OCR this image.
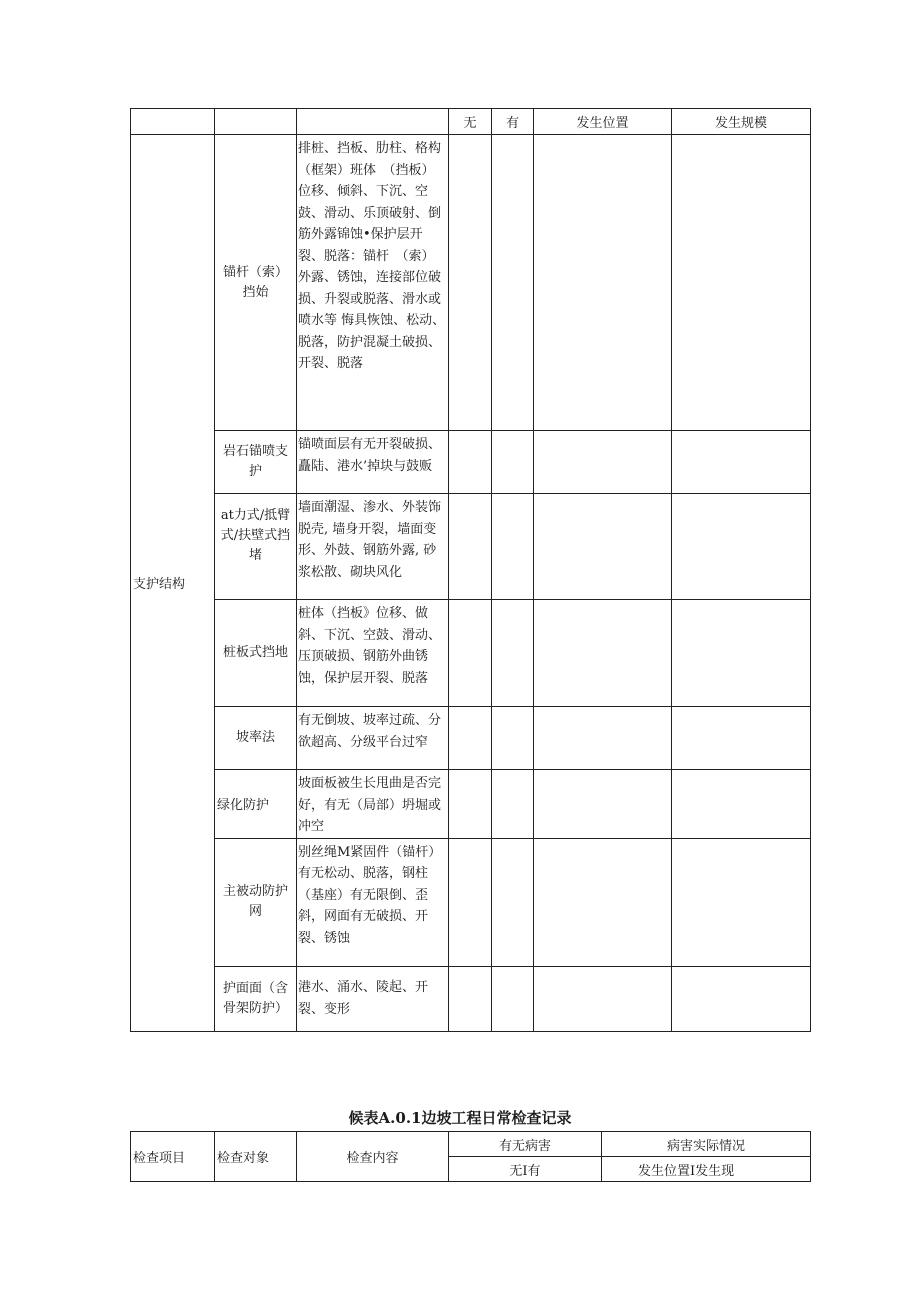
			无	有	发生位置	发生规模
支护结构	锚杆（索）挡始	排桩、挡板、肋柱、格构（框架）班体　（挡板）位移、倾斜、下沉、空鼓、滑动、乐顶破射、倒筋外露锦蚀•保护层开裂、脱落：锚杆　（索）外露、锈蚀，连接部位破损、升裂或脱落、滑水或喷水等 悔具恢蚀、松动、脱落，防护混凝土破损、开裂、脱落				
	岩石锚喷支护	锚喷面层有无开裂破损、矗陆、港水’掉块与鼓贩				
	at力式/抵臂式/扶壁式挡堵	墙面潮湿、渗水、外装饰脱壳, 墙身开裂，墙面变形、外鼓、钢筋外露, 砂浆松散、砌块风化				
	桩板式挡地	桩体（挡板》位移、做斜、下沉、空鼓、滑动、压顶破损、钢筋外曲锈蚀，保护层开裂、脱落				
	坡率法	有无倒坡、坡率过疏、分欲超高、分级平台过窄				
	绿化防护	坡面板被生长甩曲是否完好，有无（局部）坍堀或冲空				
	主被动防护网	别丝绳M紧固件（锚杆）有无松动、脱落，钢柱（基座）有无限倒、歪斜，网面有无破损、开裂、锈蚀				
	护面面（含骨架防护）	港水、涌水、陵起、开裂、变形				
候表A.0.1边坡工程日常检查记录
检查项目	检查对象	检查内容	有无病害	病害实际情况
			无I有	发生位置I发生现
